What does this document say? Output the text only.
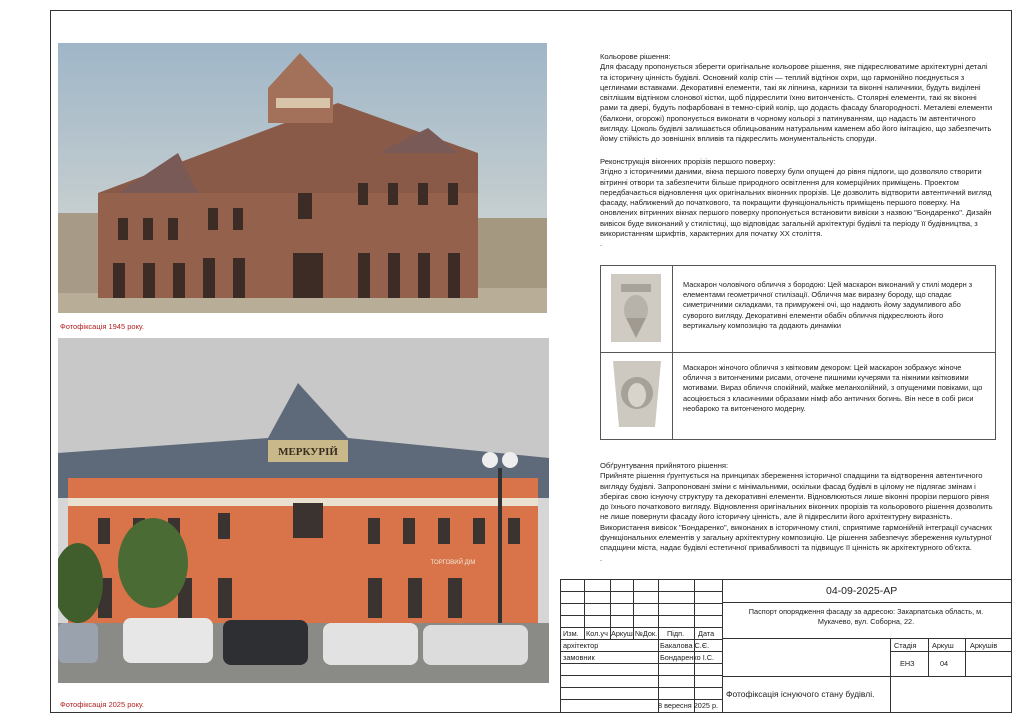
Фотофіксація 1945 року.
МЕРКУРІЙ
ТОРГОВИЙ ДІМ
Фотофіксація 2025 року.
Кольорове рішення:
Для фасаду пропонується зберегти оригінальне кольорове рішення, яке підкреслюватиме архітектурні деталі та історичну цінність будівлі. Основний колір стін — теплий відтінок охри, що гармонійно поєднується з цеглинами вставками. Декоративні елементи, такі як ліпнина, карнизи та віконні наличники, будуть виділені світлішим відтінком слонової кістки, щоб підкреслити їхню витонченість. Столярні елементи, такі як віконні рами та двері, будуть пофарбовані в темно-сірий колір, що додасть фасаду благородності. Металеві елементи (балкони, огорожі) пропонується виконати в чорному кольорі з патинуванням, що надасть їм автентичного вигляду. Цоколь будівлі залишається облицьованим натуральним каменем або його імітацією, що забезпечить йому стійкість до зовнішніх впливів та підкреслить монументальність споруди.
Реконструкція віконних прорізів першого поверху:
Згідно з історичними даними, вікна першого поверху були опущені до рівня підлоги, що дозволяло створити вітринні отвори та забезпечити більше природного освітлення для комерційних приміщень. Проектом передбачається відновлення цих оригінальних віконних прорізів. Це дозволить відтворити автентичний вигляд фасаду, наближений до початкового, та покращити функціональність приміщень першого поверху. На оновлених вітринних вікнах першого поверху пропонується встановити вивіски з назвою "Бондаренко". Дизайн вивісок буде виконаний у стилістиці, що відповідає загальній архітектурі будівлі та періоду її будівництва, з використанням шрифтів, характерних для початку ХХ століття.
.
Маскарон чоловічого обличчя з бородою: Цей маскарон виконаний у стилі модерн з елементами геометричної стилізації. Обличчя має виразну бороду, що спадає симетричними складками, та примружені очі, що надають йому задумливого або суворого вигляду. Декоративні елементи обабіч обличчя підкреслюють його вертикальну композицію та додають динаміки
Маскарон жіночого обличчя з квітковим декором: Цей маскарон зображує жіноче обличчя з витонченими рисами, оточене пишними кучерями та ніжними квітковими мотивами. Вираз обличчя спокійний, майже меланхолійний, з опущеними повіками, що асоціюється з класичними образами німф або античних богинь. Він несе в собі риси необароко та витонченого модерну.
Обґрунтування прийнятого рішення:
Прийняте рішення ґрунтується на принципах збереження історичної спадщини та відтворення автентичного вигляду будівлі. Запропоновані зміни є мінімальними, оскільки фасад будівлі в цілому не підлягає змінам і зберігає свою існуючу структуру та декоративні елементи. Відновлюються лише віконні прорізи першого рівня до їхнього початкового вигляду. Відновлення оригінальних віконних прорізів та кольорового рішення дозволить не лише повернути фасаду його історичну цінність, але й підкреслити його архітектурну виразність. Використання вивісок "Бондаренко", виконаних в історичному стилі, сприятиме гармонійній інтеграції сучасних функціональних елементів у загальну архітектурну композицію. Це рішення забезпечує збереження культурної спадщини міста, надає будівлі естетичної привабливості та підвищує її цінність як архітектурного об'єкта.
.
Изм. Кол.уч Аркуш №Док. Підп. Дата
архітектор	Бакалова С.Є.
замовник	Бондаренко І.С.
8 вересня 2025 р.
04-09-2025-АР
Паспорт опорядження фасаду за адресою: Закарпатська область, м. Мукачево, вул. Соборна, 22.
Стадія Аркуш Аркушів
ЕНЗ	04
Фотофіксація існуючого стану будівлі.
